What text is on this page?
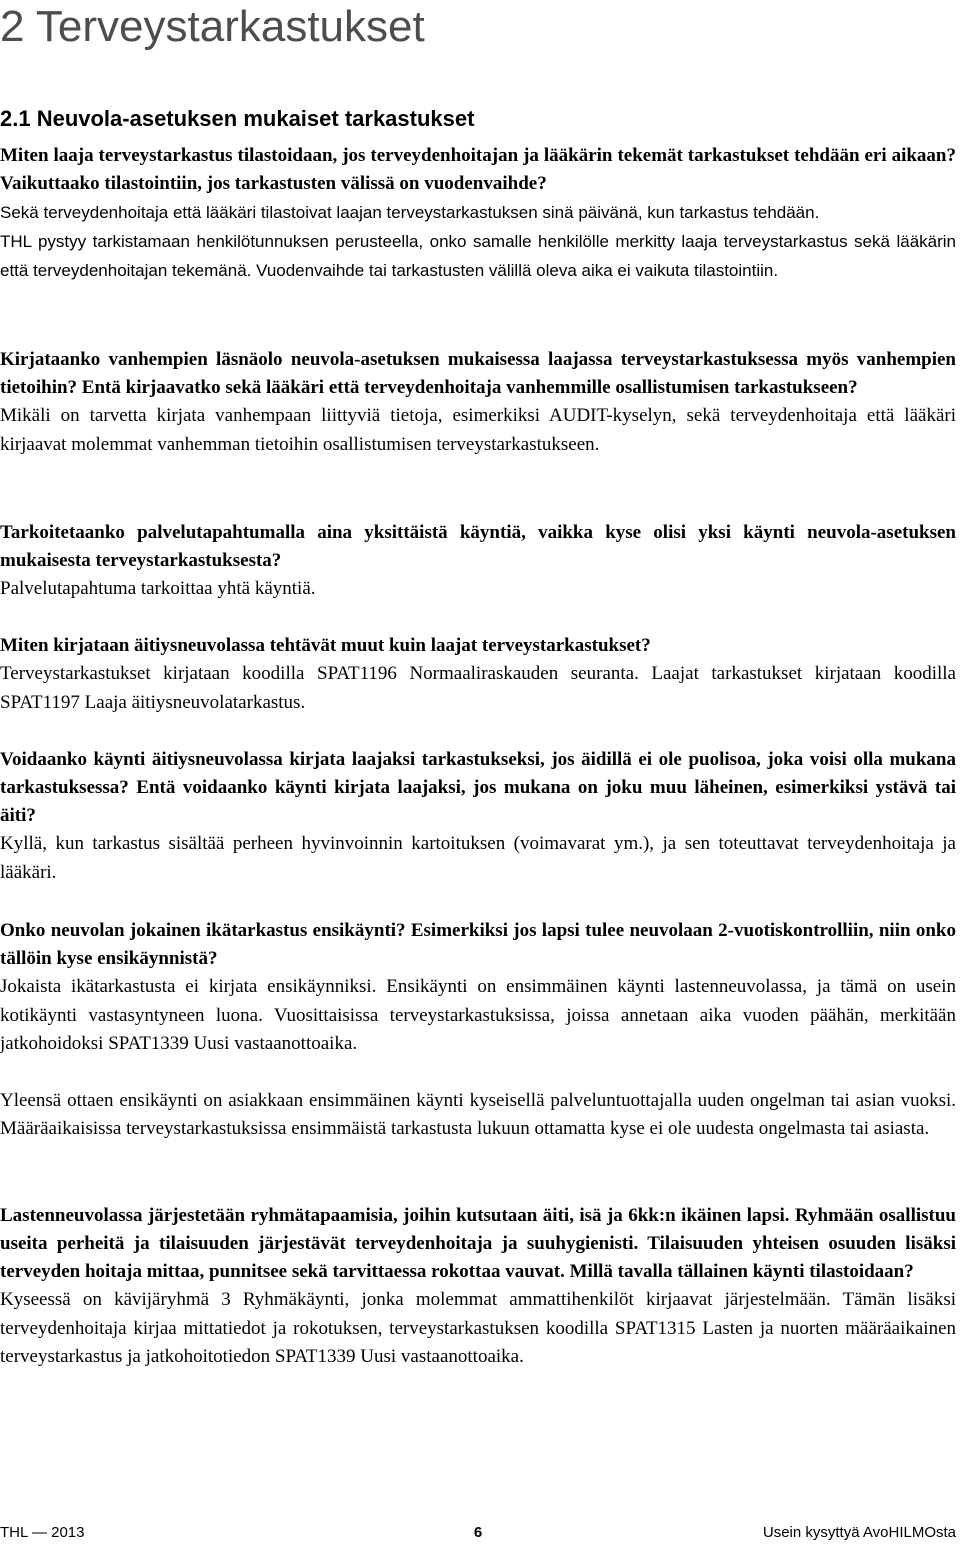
2 Terveystarkastukset
2.1 Neuvola-asetuksen mukaiset tarkastukset

Miten laaja terveystarkastus tilastoidaan, jos terveydenhoitajan ja lääkärin tekemät tarkastukset tehdään eri aikaan? Vaikuttaako tilastointiin, jos tarkastusten välissä on vuodenvaihde?

Sekä terveydenhoitaja että lääkäri tilastoivat laajan terveystarkastuksen sinä päivänä, kun tarkastus tehdään.

THL pystyy tarkistamaan henkilötunnuksen perusteella, onko samalle henkilölle merkitty laaja terveystarkastus sekä lääkärin että terveydenhoitajan tekemänä. Vuodenvaihde tai tarkastusten välillä oleva aika ei vaikuta tilastointiin.

Kirjataanko vanhempien läsnäolo neuvola-asetuksen mukaisessa laajassa terveystarkastuksessa myös vanhempien tietoihin? Entä kirjaavatko sekä lääkäri että terveydenhoitaja vanhemmille osallistumisen tarkastukseen?

Mikäli on tarvetta kirjata vanhempaan liittyviä tietoja, esimerkiksi AUDIT-kyselyn, sekä terveydenhoitaja että lääkäri kirjaavat molemmat vanhemman tietoihin osallistumisen terveystarkastukseen.

Tarkoitetaanko palvelutapahtumalla aina yksittäistä käyntiä, vaikka kyse olisi yksi käynti neuvola-asetuksen mukaisesta terveystarkastuksesta?

Palvelutapahtuma tarkoittaa yhtä käyntiä.

Miten kirjataan äitiysneuvolassa tehtävät muut kuin laajat terveystarkastukset?

Terveystarkastukset kirjataan koodilla SPAT1196 Normaaliraskauden seuranta. Laajat tarkastukset kirjataan koodilla SPAT1197 Laaja äitiysneuvolatarkastus.

Voidaanko käynti äitiysneuvolassa kirjata laajaksi tarkastukseksi, jos äidillä ei ole puolisoa, joka voisi olla mukana tarkastuksessa? Entä voidaanko käynti kirjata laajaksi, jos mukana on joku muu läheinen, esimerkiksi ystävä tai äiti?

Kyllä, kun tarkastus sisältää perheen hyvinvoinnin kartoituksen (voimavarat ym.), ja sen toteuttavat terveydenhoitaja ja lääkäri.

Onko neuvolan jokainen ikätarkastus ensikäynti? Esimerkiksi jos lapsi tulee neuvolaan 2-vuotiskontrolliin, niin onko tällöin kyse ensikäynnistä?

Jokaista ikätarkastusta ei kirjata ensikäynniksi. Ensikäynti on ensimmäinen käynti lastenneuvolassa, ja tämä on usein kotikäynti vastasyntyneen luona. Vuosittaisissa terveystarkastuksissa, joissa annetaan aika vuoden päähän, merkitään jatkohoidoksi SPAT1339 Uusi vastaanottoaika.

Yleensä ottaen ensikäynti on asiakkaan ensimmäinen käynti kyseisellä palveluntuottajalla uuden ongelman tai asian vuoksi. Määräaikaisissa terveystarkastuksissa ensimmäistä tarkastusta lukuun ottamatta kyse ei ole uudesta ongelmasta tai asiasta.

Lastenneuvolassa järjestetään ryhmätapaamisia, joihin kutsutaan äiti, isä ja 6kk:n ikäinen lapsi. Ryhmään osallistuu useita perheitä ja tilaisuuden järjestävät terveydenhoitaja ja suuhygienisti. Tilaisuuden yhteisen osuuden lisäksi terveyden hoitaja mittaa, punnitsee sekä tarvittaessa rokottaa vauvat. Millä tavalla tällainen käynti tilastoidaan?

Kyseessä on kävijäryhmä 3 Ryhmäkäynti, jonka molemmat ammattihenkilöt kirjaavat järjestelmään. Tämän lisäksi terveydenhoitaja kirjaa mittatiedot ja rokotuksen, terveystarkastuksen koodilla SPAT1315 Lasten ja nuorten määräaikainen terveystarkastus ja jatkohoitotiedon SPAT1339 Uusi vastaanottoaika.

THL — 2013	6	Usein kysyttyä AvoHILMOsta
